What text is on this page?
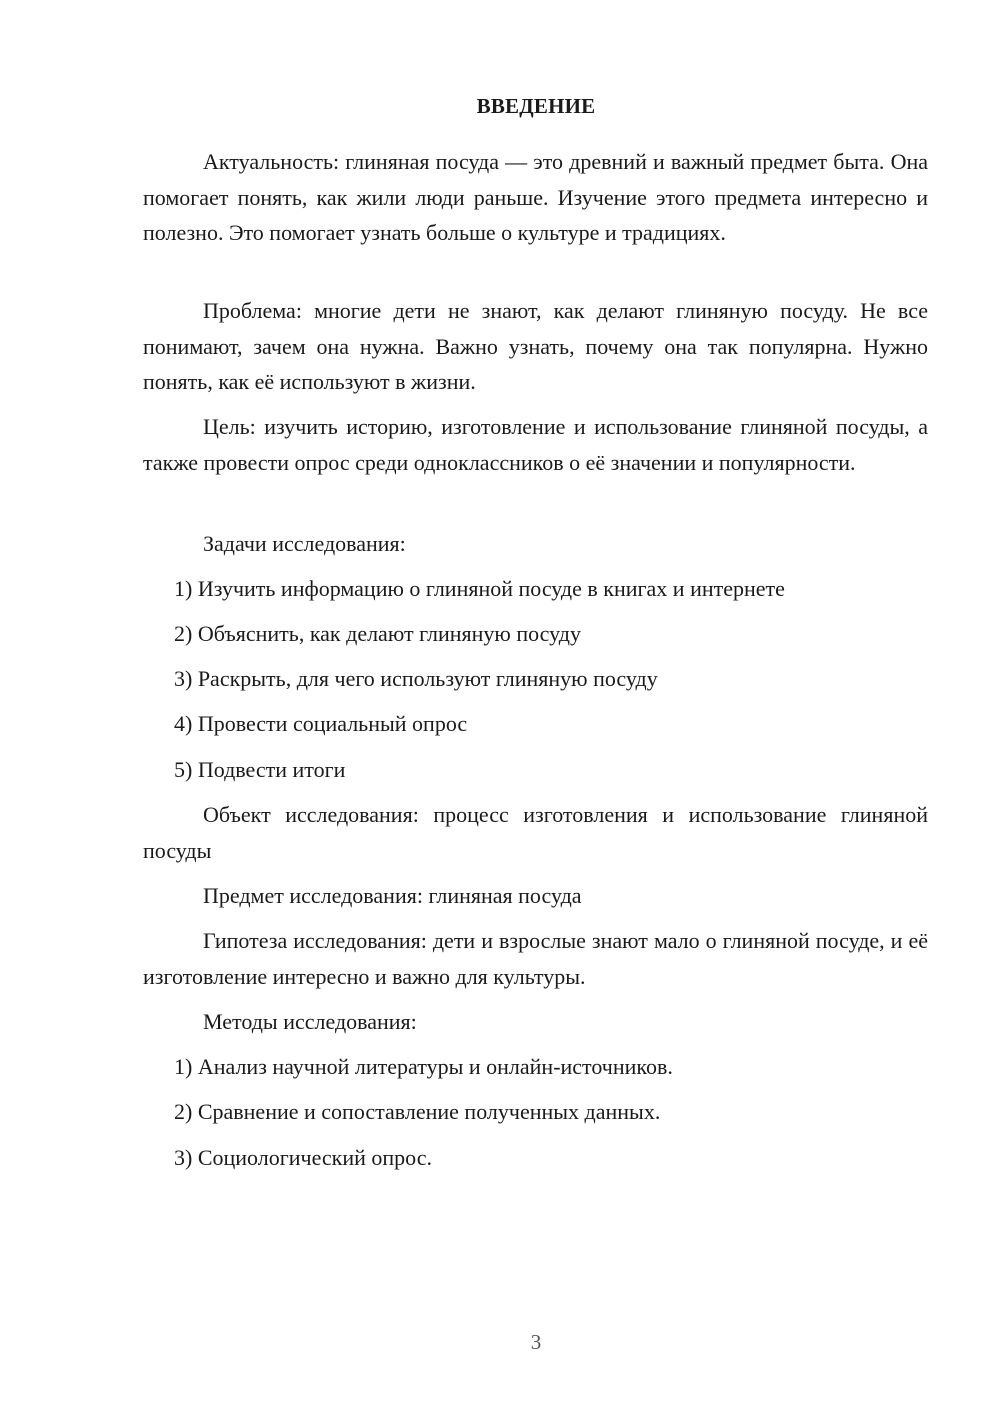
ВВЕДЕНИЕ

Актуальность: глиняная посуда — это древний и важный предмет быта. Она помогает понять, как жили люди раньше. Изучение этого предмета интересно и полезно. Это помогает узнать больше о культуре и традициях.

Проблема: многие дети не знают, как делают глиняную посуду. Не все понимают, зачем она нужна. Важно узнать, почему она так популярна. Нужно понять, как её используют в жизни.

Цель: изучить историю, изготовление и использование глиняной посуды, а также провести опрос среди одноклассников о её значении и популярности.

Задачи исследования:
1) Изучить информацию о глиняной посуде в книгах и интернете
2) Объяснить, как делают глиняную посуду
3) Раскрыть, для чего используют глиняную посуду
4) Провести социальный опрос
5) Подвести итоги

Объект исследования: процесс изготовления и использование глиняной посуды

Предмет исследования: глиняная посуда

Гипотеза исследования: дети и взрослые знают мало о глиняной посуде, и её изготовление интересно и важно для культуры.

Методы исследования:
1) Анализ научной литературы и онлайн-источников.
2) Сравнение и сопоставление полученных данных.
3) Социологический опрос.
3
